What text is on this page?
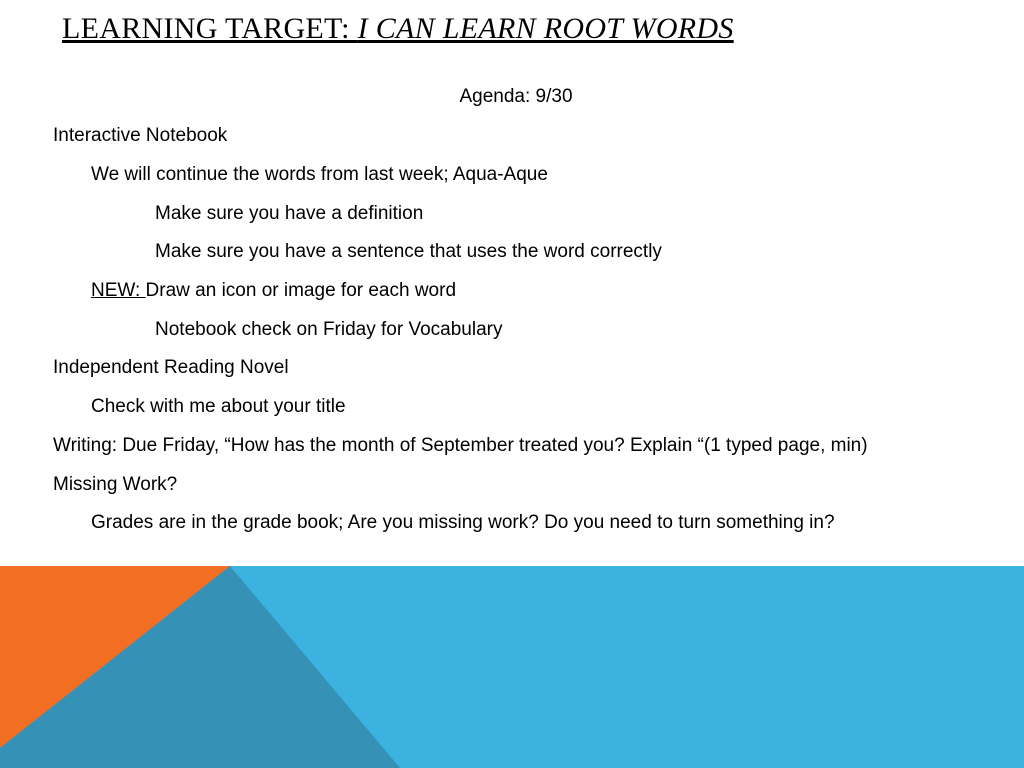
LEARNING TARGET: I CAN LEARN ROOT WORDS
Agenda: 9/30
Interactive Notebook
We will continue the words from last week; Aqua-Aque
Make sure you have a definition
Make sure you have a sentence that uses the word correctly
NEW: Draw an icon or image for each word
Notebook check on Friday for Vocabulary
Independent Reading Novel
Check with me about your title
Writing: Due Friday, “How has the month of September treated you? Explain “(1 typed page, min)
Missing Work?
Grades are in the grade book; Are you missing work? Do you need to turn something in?
